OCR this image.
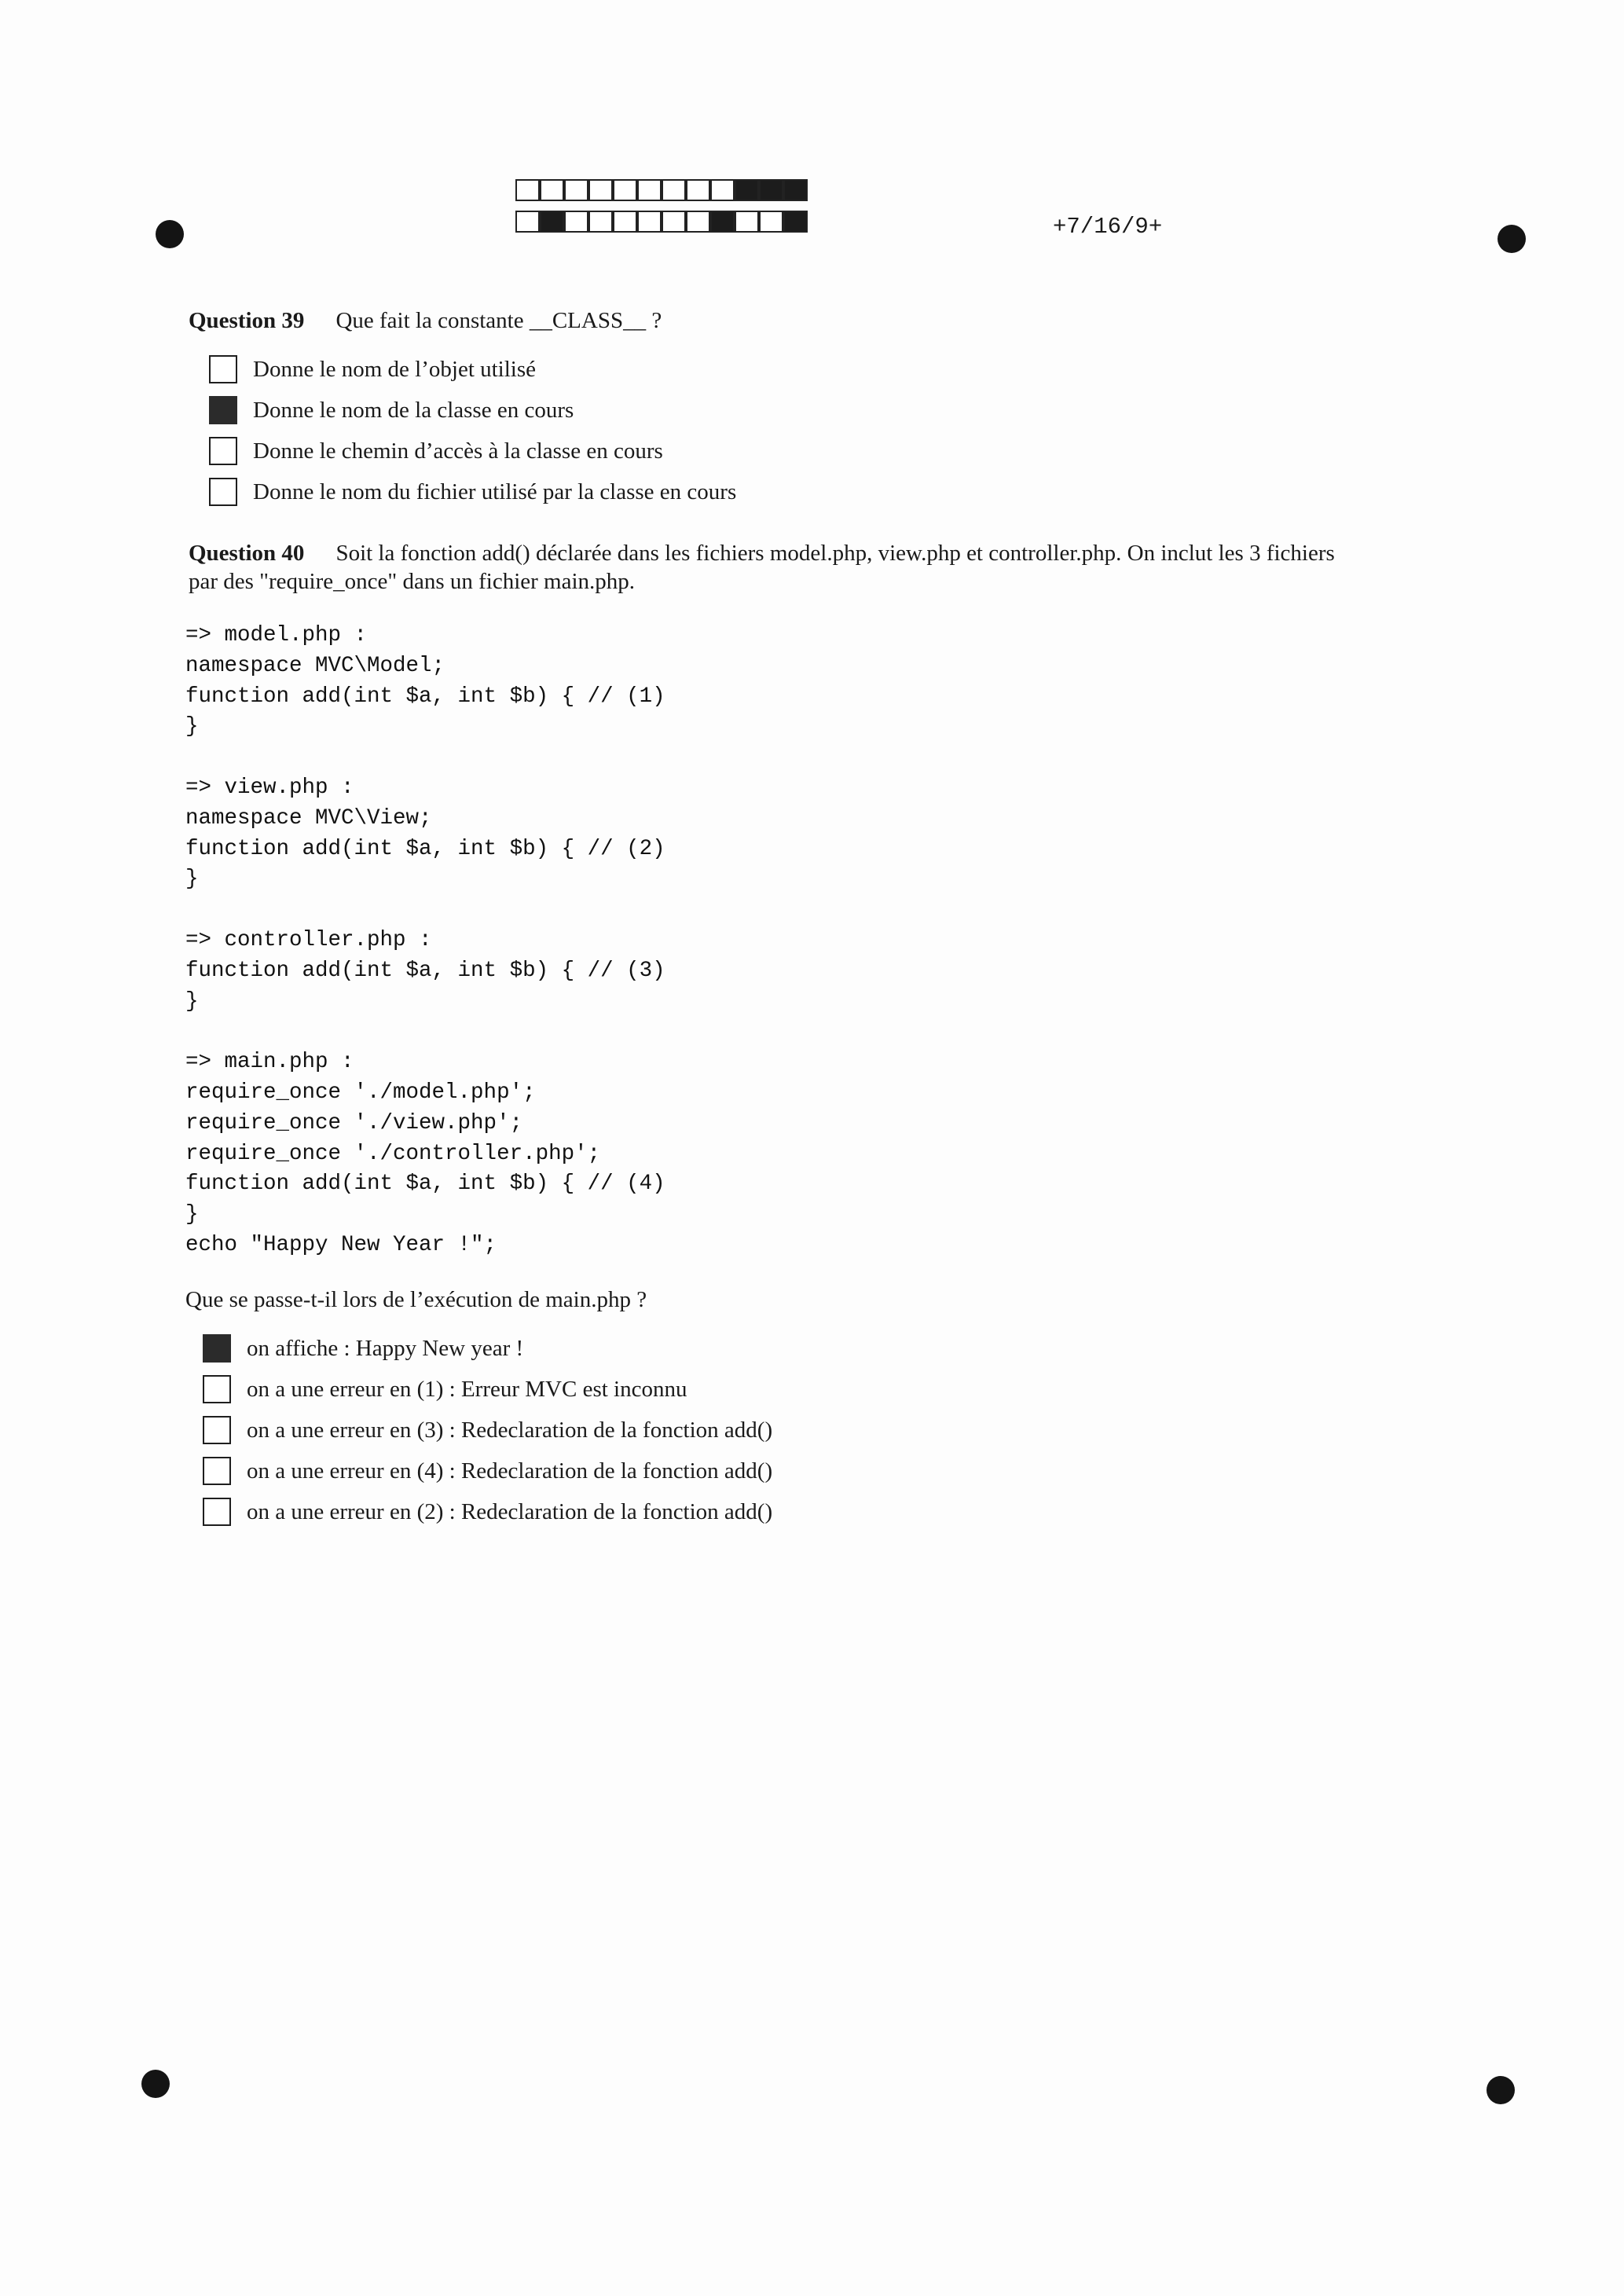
+7/16/9+
Question 39 Que fait la constante __CLASS__ ?
Donne le nom de l’objet utilisé
Donne le nom de la classe en cours
Donne le chemin d’accès à la classe en cours
Donne le nom du fichier utilisé par la classe en cours
Question 40 Soit la fonction add() déclarée dans les fichiers model.php, view.php et controller.php. On inclut les 3 fichiers
par des "require_once" dans un fichier main.php.
=> model.php :
namespace MVC\Model;
function add(int $a, int $b) { // (1)
}
=> view.php :
namespace MVC\View;
function add(int $a, int $b) { // (2)
}
=> controller.php :
function add(int $a, int $b) { // (3)
}
=> main.php :
require_once './model.php';
require_once './view.php';
require_once './controller.php';
function add(int $a, int $b) { // (4)
}
echo "Happy New Year !";
Que se passe-t-il lors de l’exécution de main.php ?
on affiche : Happy New year !
on a une erreur en (1) : Erreur MVC est inconnu
on a une erreur en (3) : Redeclaration de la fonction add()
on a une erreur en (4) : Redeclaration de la fonction add()
on a une erreur en (2) : Redeclaration de la fonction add()
